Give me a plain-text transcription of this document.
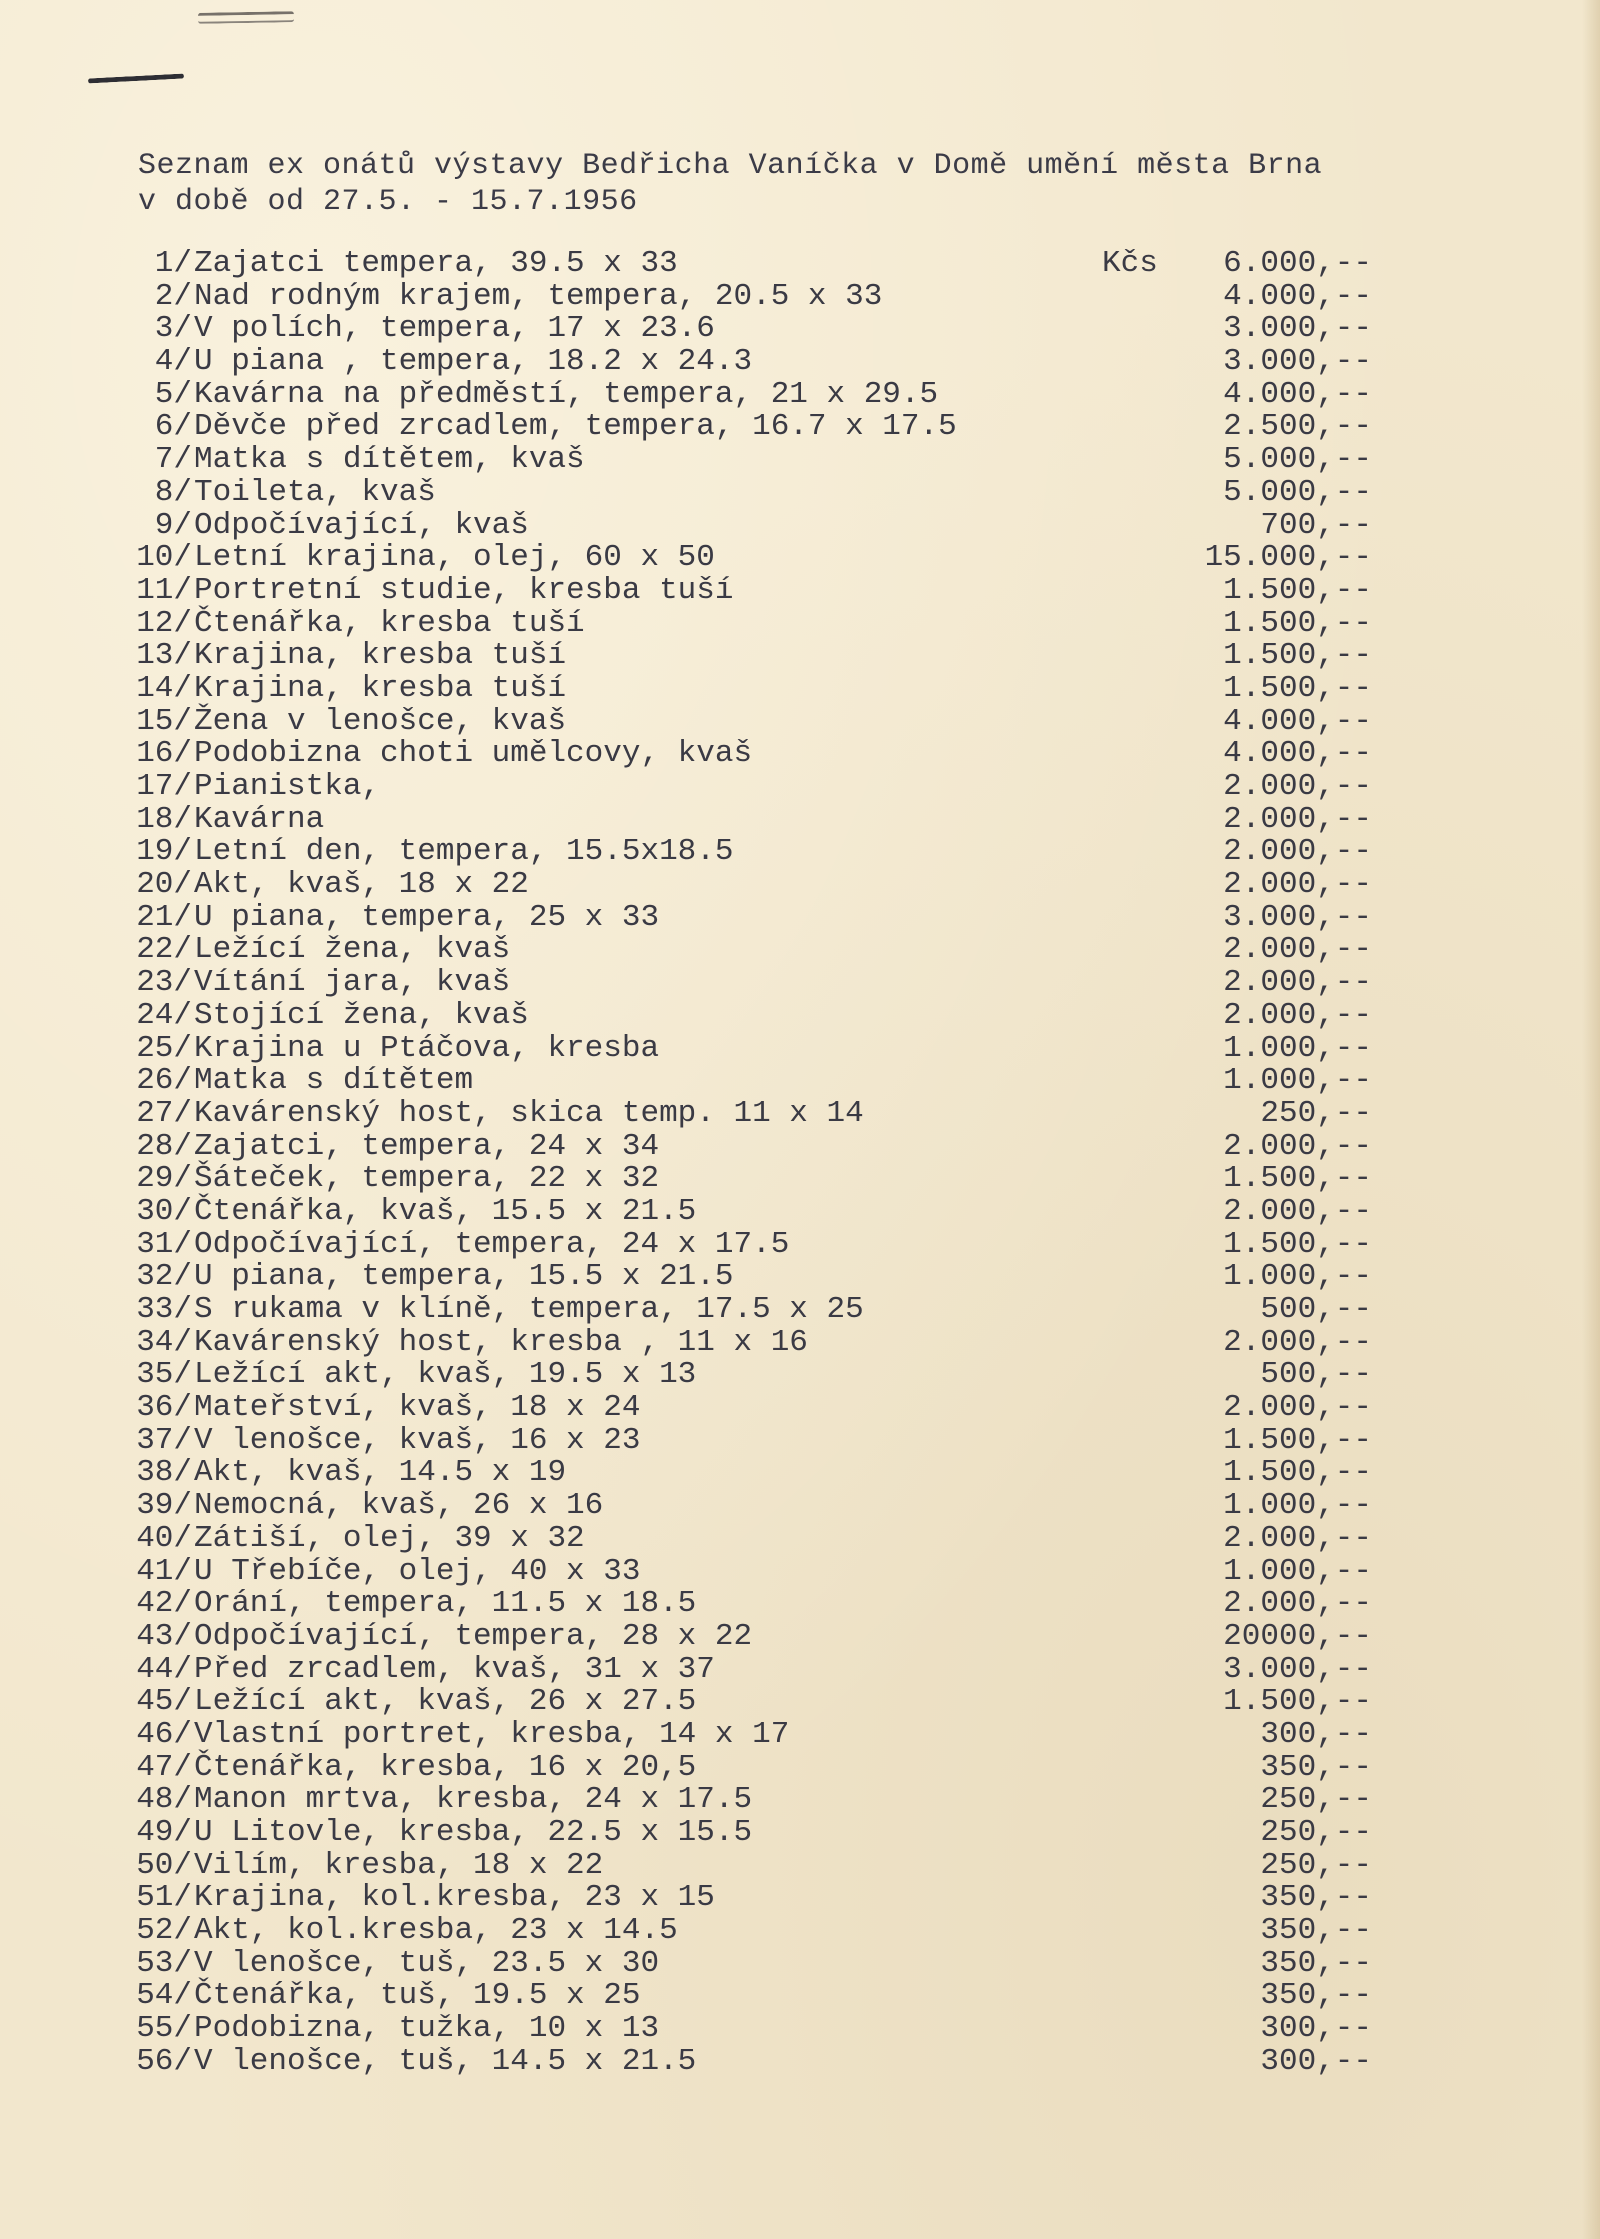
Seznam ex onátů výstavy Bedřicha Vaníčka v Domě umění města Brna
v době od 27.5. - 15.7.1956
1/ Zajatci tempera, 39.5 x 33	Kčs 6.000,--
2/ Nad rodným krajem, tempera, 20.5 x 33	4.000,--
3/ V polích, tempera, 17 x 23.6	3.000,--
4/ U piana , tempera, 18.2 x 24.3	3.000,--
5/ Kavárna na předměstí, tempera, 21 x 29.5	4.000,--
6/ Děvče před zrcadlem, tempera, 16.7 x 17.5	2.500,--
7/ Matka s dítětem, kvaš	5.000,--
8/ Toileta, kvaš	5.000,--
9/ Odpočívající, kvaš	700,--
10/ Letní krajina, olej, 60 x 50	15.000,--
11/ Portretní studie, kresba tuší	1.500,--
12/ Čtenářka, kresba tuší	1.500,--
13/ Krajina, kresba tuší	1.500,--
14/ Krajina, kresba tuší	1.500,--
15/ Žena v lenošce, kvaš	4.000,--
16/ Podobizna choti umělcovy, kvaš	4.000,--
17/ Pianistka,	2.000,--
18/ Kavárna	2.000,--
19/ Letní den, tempera, 15.5x18.5	2.000,--
20/ Akt, kvaš, 18 x 22	2.000,--
21/ U piana, tempera, 25 x 33	3.000,--
22/ Ležící žena, kvaš	2.000,--
23/ Vítání jara, kvaš	2.000,--
24/ Stojící žena, kvaš	2.000,--
25/ Krajina u Ptáčova, kresba	1.000,--
26/ Matka s dítětem	1.000,--
27/ Kavárenský host, skica temp. 11 x 14	250,--
28/ Zajatci, tempera, 24 x 34	2.000,--
29/ Šáteček, tempera, 22 x 32	1.500,--
30/ Čtenářka, kvaš, 15.5 x 21.5	2.000,--
31/ Odpočívající, tempera, 24 x 17.5	1.500,--
32/ U piana, tempera, 15.5 x 21.5	1.000,--
33/ S rukama v klíně, tempera, 17.5 x 25	500,--
34/ Kavárenský host, kresba , 11 x 16	2.000,--
35/ Ležící akt, kvaš, 19.5 x 13	500,--
36/ Mateřství, kvaš, 18 x 24	2.000,--
37/ V lenošce, kvaš, 16 x 23	1.500,--
38/ Akt, kvaš, 14.5 x 19	1.500,--
39/ Nemocná, kvaš, 26 x 16	1.000,--
40/ Zátiší, olej, 39 x 32	2.000,--
41/ U Třebíče, olej, 40 x 33	1.000,--
42/ Orání, tempera, 11.5 x 18.5	2.000,--
43/ Odpočívající, tempera, 28 x 22	20000,--
44/ Před zrcadlem, kvaš, 31 x 37	3.000,--
45/ Ležící akt, kvaš, 26 x 27.5	1.500,--
46/ Vlastní portret, kresba, 14 x 17	300,--
47/ Čtenářka, kresba, 16 x 20,5	350,--
48/ Manon mrtva, kresba, 24 x 17.5	250,--
49/ U Litovle, kresba, 22.5 x 15.5	250,--
50/ Vilím, kresba, 18 x 22	250,--
51/ Krajina, kol.kresba, 23 x 15	350,--
52/ Akt, kol.kresba, 23 x 14.5	350,--
53/ V lenošce, tuš, 23.5 x 30	350,--
54/ Čtenářka, tuš, 19.5 x 25	350,--
55/ Podobizna, tužka, 10 x 13	300,--
56/ V lenošce, tuš, 14.5 x 21.5	300,--
